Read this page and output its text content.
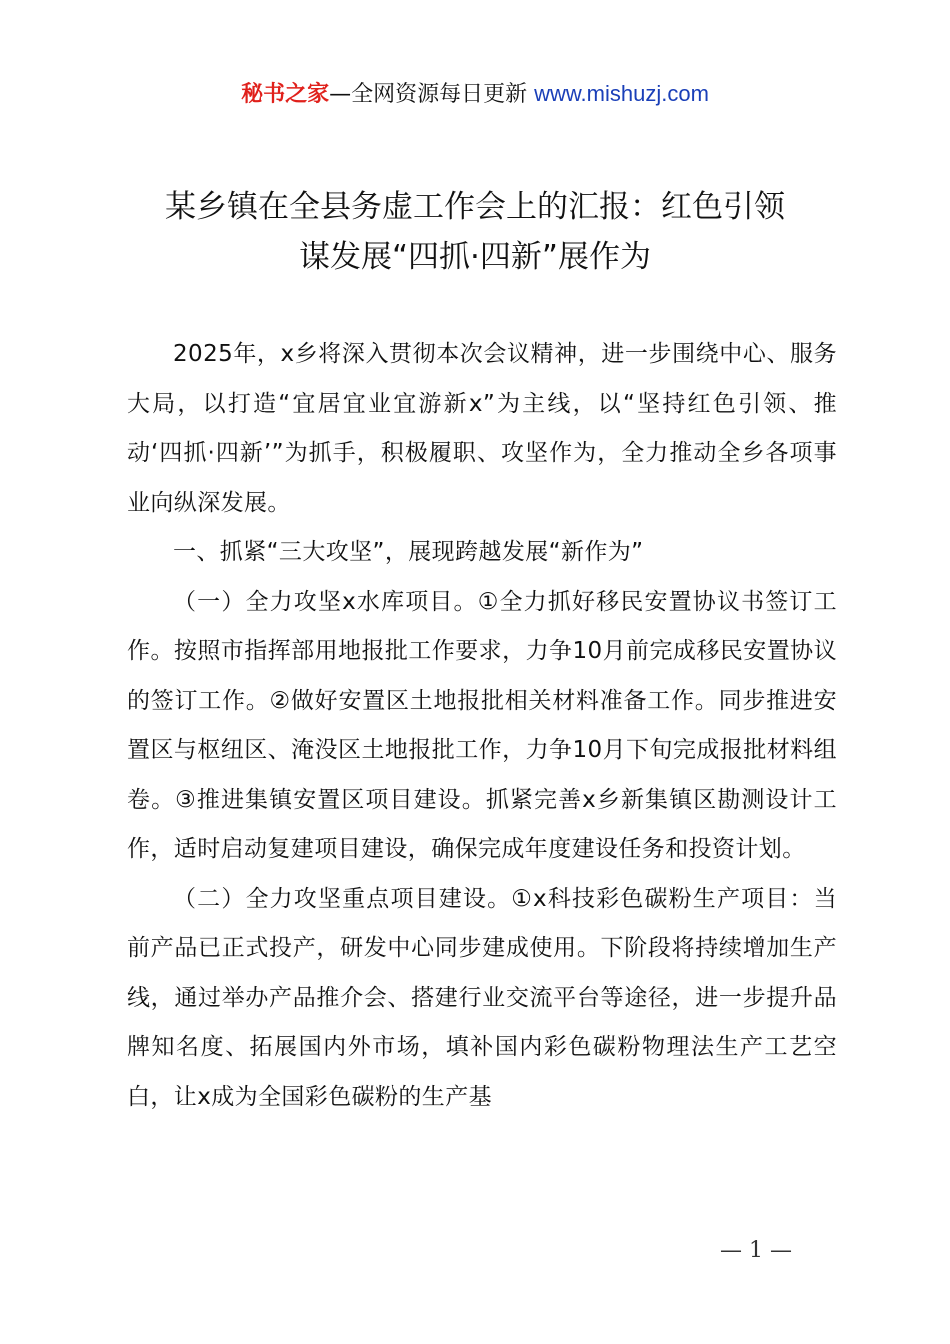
秘书之家—全网资源每日更新 www.mishuzj.com
某乡镇在全县务虚工作会上的汇报：红色引领
谋发展“四抓·四新”展作为

2025年，x乡将深入贯彻本次会议精神，进一步围绕中心、服务大局，以打造“宜居宜业宜游新x”为主线，以“坚持红色引领、推动‘四抓·四新’”为抓手，积极履职、攻坚作为，全力推动全乡各项事业向纵深发展。

一、抓紧“三大攻坚”，展现跨越发展“新作为”

（一）全力攻坚x水库项目。①全力抓好移民安置协议书签订工作。按照市指挥部用地报批工作要求，力争10月前完成移民安置协议的签订工作。②做好安置区土地报批相关材料准备工作。同步推进安置区与枢纽区、淹没区土地报批工作，力争10月下旬完成报批材料组卷。③推进集镇安置区项目建设。抓紧完善x乡新集镇区勘测设计工作，适时启动复建项目建设，确保完成年度建设任务和投资计划。

（二）全力攻坚重点项目建设。①x科技彩色碳粉生产项目：当前产品已正式投产，研发中心同步建成使用。下阶段将持续增加生产线，通过举办产品推介会、搭建行业交流平台等途径，进一步提升品牌知名度、拓展国内外市场，填补国内彩色碳粉物理法生产工艺空白，让x成为全国彩色碳粉的生产基

— 1 —
